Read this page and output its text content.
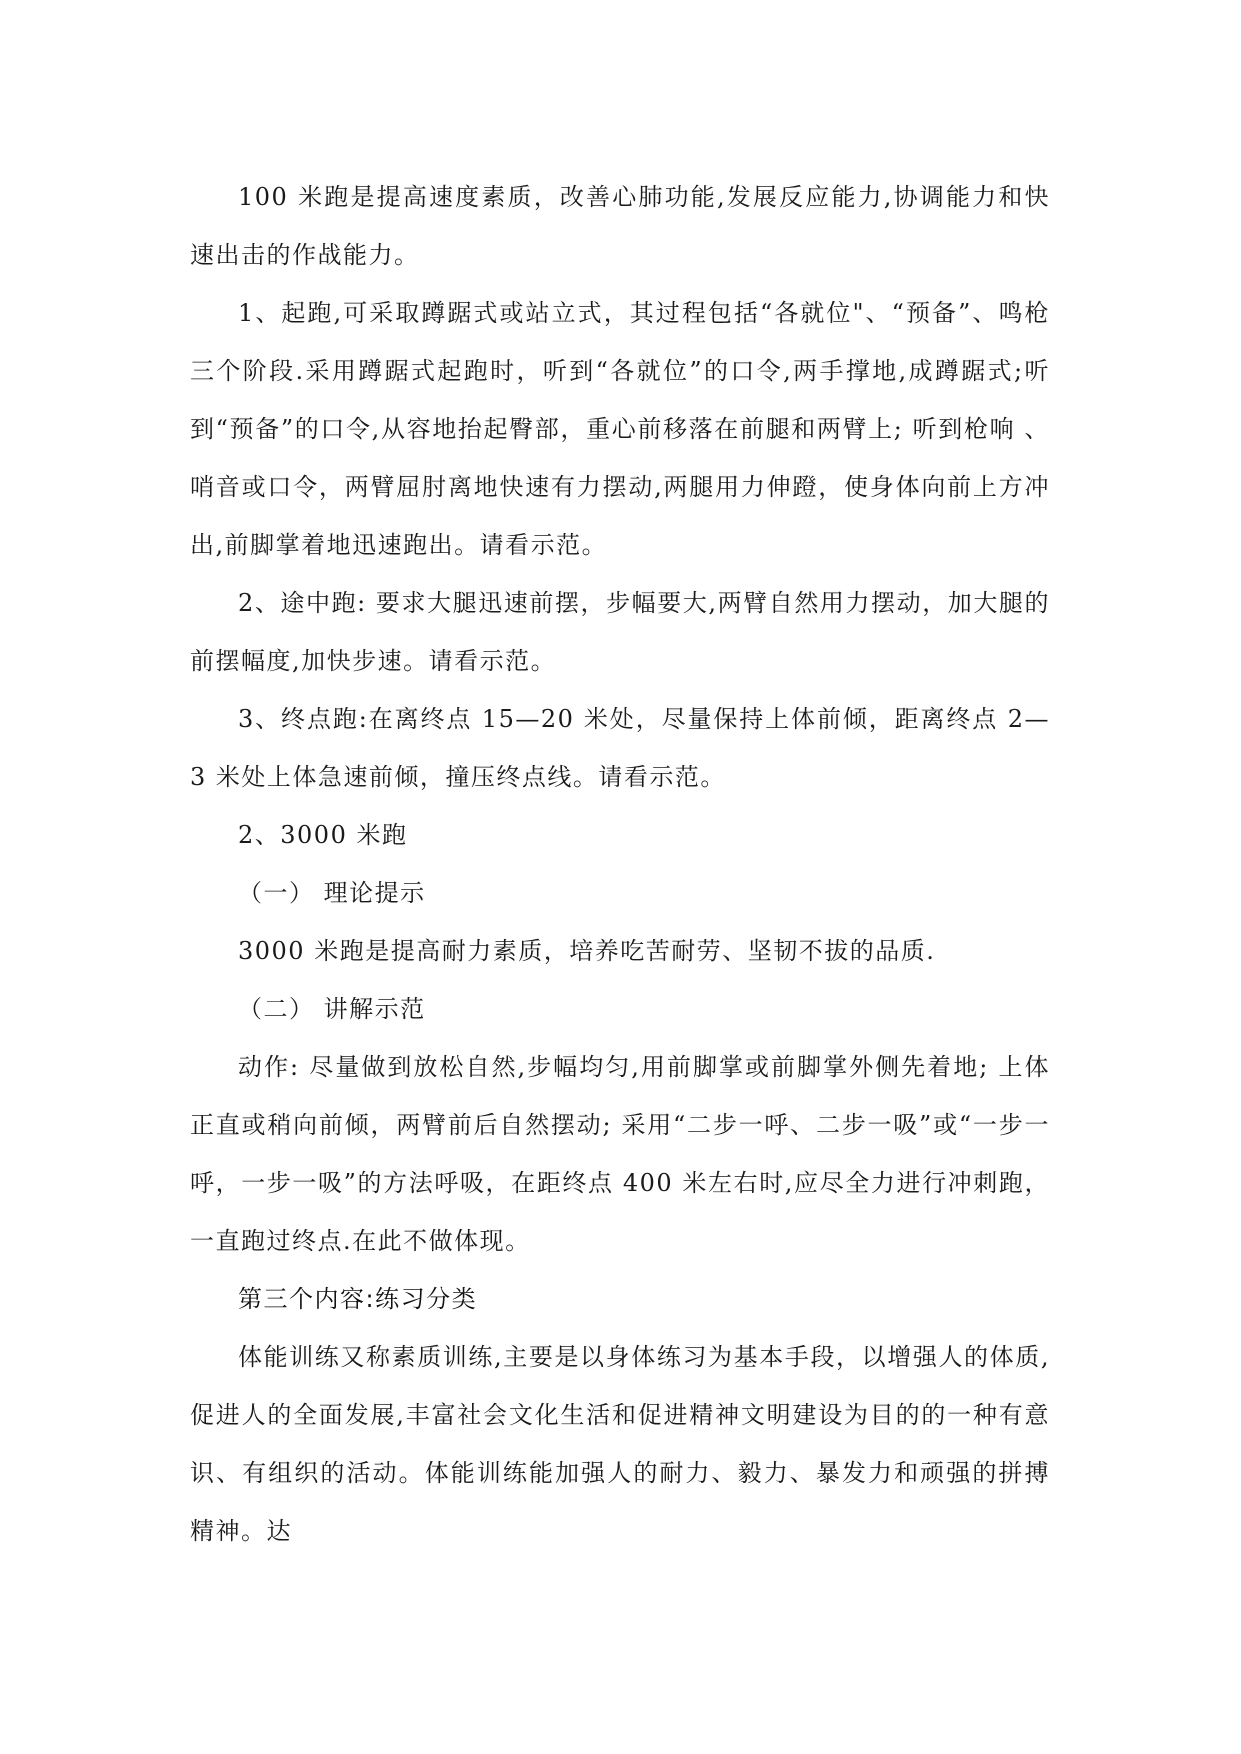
100 米跑是提高速度素质，改善心肺功能,发展反应能力,协调能力和快速出击的作战能力。

1、起跑,可采取蹲踞式或站立式，其过程包括“各就位"、“预备”、鸣枪三个阶段.采用蹲踞式起跑时，听到“各就位”的口令,两手撑地,成蹲踞式;听到“预备”的口令,从容地抬起臀部，重心前移落在前腿和两臂上; 听到枪响 、哨音或口令，两臂屈肘离地快速有力摆动,两腿用力伸蹬，使身体向前上方冲出,前脚掌着地迅速跑出。请看示范。

2、途中跑: 要求大腿迅速前摆，步幅要大,两臂自然用力摆动，加大腿的前摆幅度,加快步速。请看示范。

3、终点跑:在离终点 15—20 米处，尽量保持上体前倾，距离终点 2—3 米处上体急速前倾，撞压终点线。请看示范。

2、3000 米跑

（一） 理论提示

3000 米跑是提高耐力素质，培养吃苦耐劳、坚韧不拔的品质.

（二） 讲解示范

动作: 尽量做到放松自然,步幅均匀,用前脚掌或前脚掌外侧先着地; 上体正直或稍向前倾，两臂前后自然摆动; 采用“二步一呼、二步一吸”或“一步一呼，一步一吸”的方法呼吸，在距终点 400 米左右时,应尽全力进行冲刺跑，一直跑过终点.在此不做体现。

第三个内容:练习分类

体能训练又称素质训练,主要是以身体练习为基本手段，以增强人的体质,促进人的全面发展,丰富社会文化生活和促进精神文明建设为目的的一种有意识、有组织的活动。体能训练能加强人的耐力、毅力、暴发力和顽强的拼搏精神。达
